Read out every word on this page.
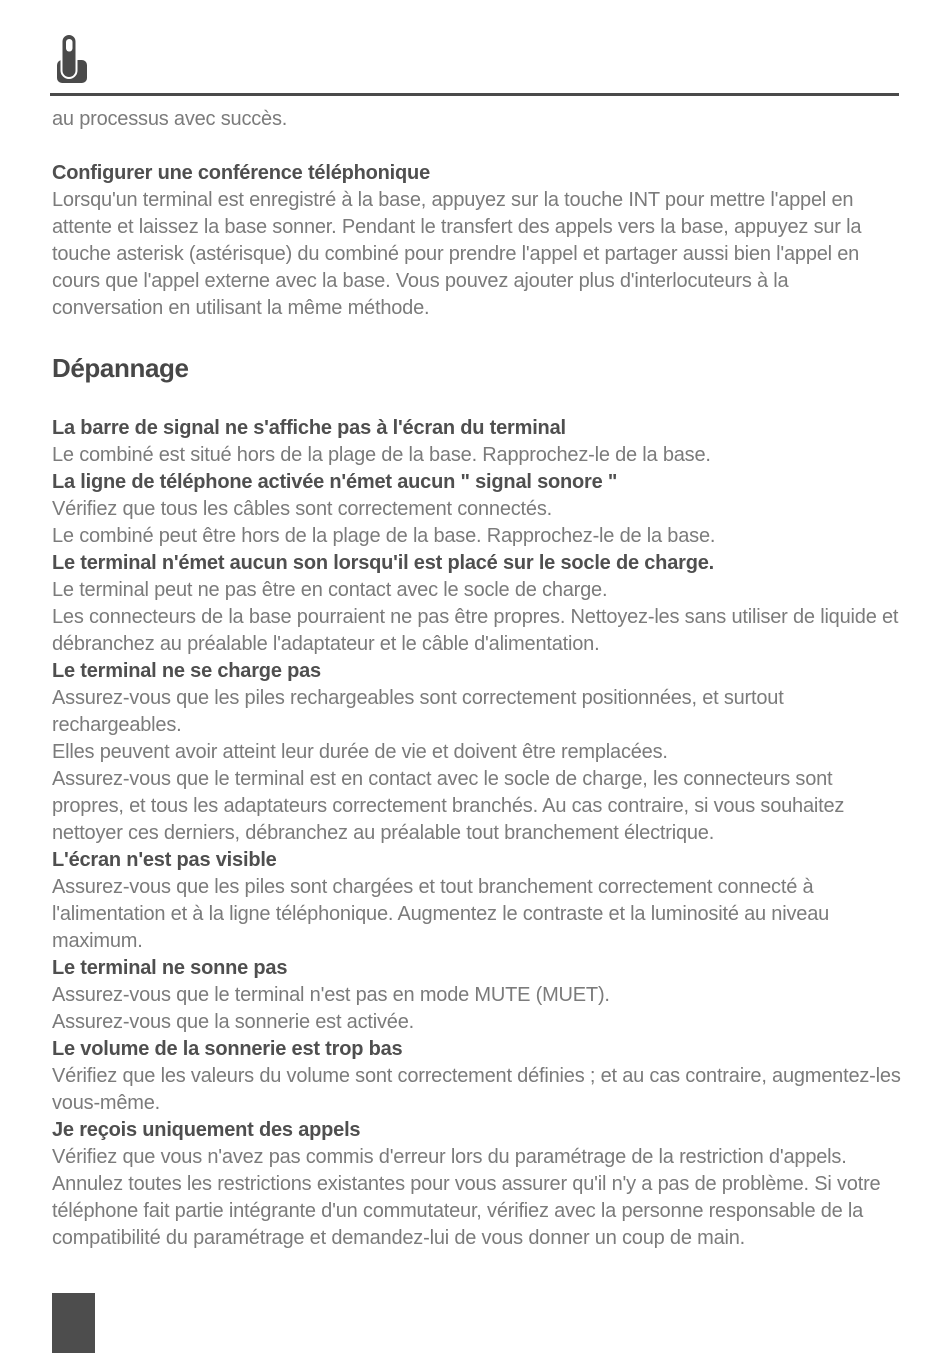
au processus avec succès.

Configurer une conférence téléphonique

Lorsqu'un terminal est enregistré à la base, appuyez sur la touche INT pour mettre l'appel en attente et laissez la base sonner. Pendant le transfert des appels vers la base, appuyez sur la touche asterisk (astérisque) du combiné pour prendre l'appel et partager aussi bien l'appel en cours que l'appel externe avec la base. Vous pouvez ajouter plus d'interlocuteurs à la conversation en utilisant la même méthode.

Dépannage
La barre de signal ne s'affiche pas à l'écran du terminal

Le combiné est situé hors de la plage de la base. Rapprochez-le de la base.

La ligne de téléphone activée n'émet aucun " signal sonore "

Vérifiez que tous les câbles sont correctement connectés.

Le combiné peut être hors de la plage de la base. Rapprochez-le de la base.

Le terminal n'émet aucun son lorsqu'il est placé sur le socle de charge.

Le terminal peut ne pas être en contact avec le socle de charge.

Les connecteurs de la base pourraient ne pas être propres. Nettoyez-les sans utiliser de liquide et débranchez au préalable l'adaptateur et le câble d'alimentation.

Le terminal ne se charge pas

Assurez-vous que les piles rechargeables sont correctement positionnées, et surtout rechargeables.

Elles peuvent avoir atteint leur durée de vie et doivent être remplacées.

Assurez-vous que le terminal est en contact avec le socle de charge, les connecteurs sont propres, et tous les adaptateurs correctement branchés. Au cas contraire, si vous souhaitez nettoyer ces derniers, débranchez au préalable tout branchement électrique.

L'écran n'est pas visible

Assurez-vous que les piles sont chargées et tout branchement correctement connecté à l'alimentation et à la ligne téléphonique. Augmentez le contraste et la luminosité au niveau maximum.

Le terminal ne sonne pas

Assurez-vous que le terminal n'est pas en mode MUTE (MUET).

Assurez-vous que la sonnerie est activée.

Le volume de la sonnerie est trop bas

Vérifiez que les valeurs du volume sont correctement définies ; et au cas contraire, augmentez-les vous-même.

Je reçois uniquement des appels

Vérifiez que vous n'avez pas commis d'erreur lors du paramétrage de la restriction d'appels. Annulez toutes les restrictions existantes pour vous assurer qu'il n'y a pas de problème. Si votre téléphone fait partie intégrante d'un commutateur, vérifiez avec la personne responsable de la compatibilité du paramétrage et demandez-lui de vous donner un coup de main.
